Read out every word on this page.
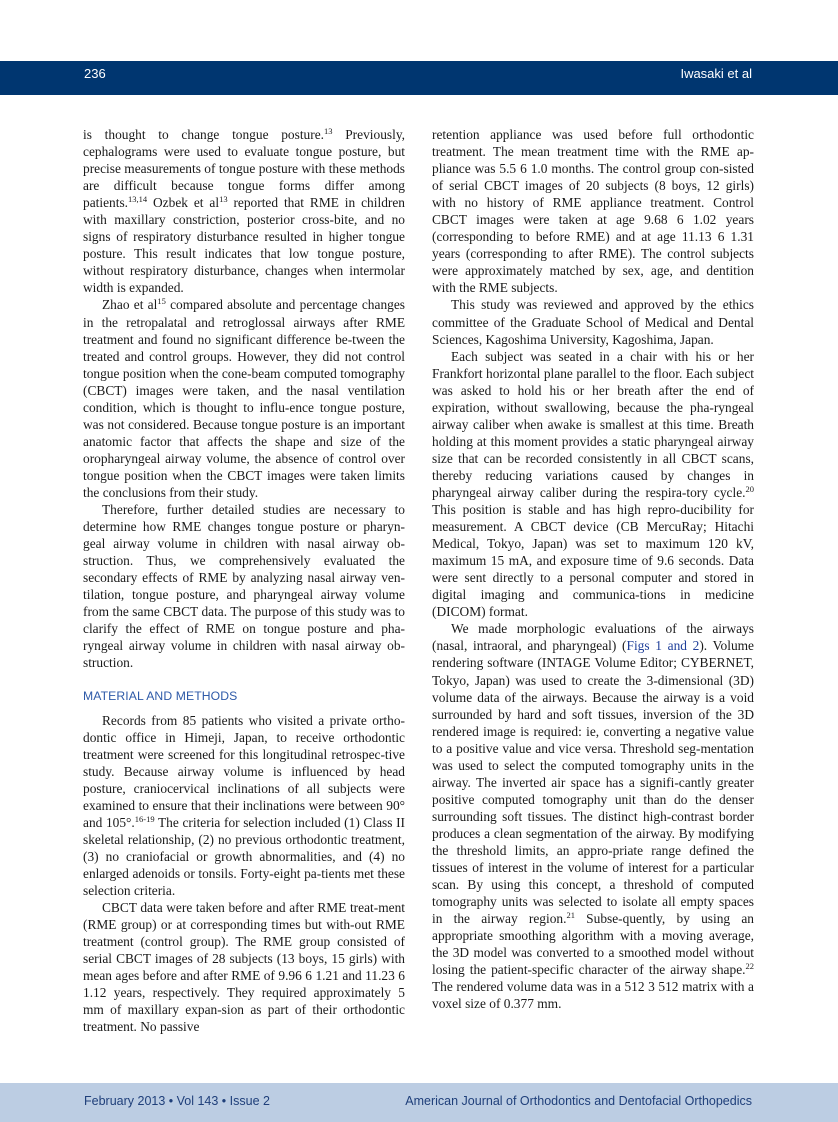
236	Iwasaki et al

is thought to change tongue posture.$^{13}$ Previously, cephalograms were used to evaluate tongue posture, but precise measurements of tongue posture with these methods are difficult because tongue forms differ among patients.$^{13,14}$ Ozbek et $al^{13}$ reported that RME in children with maxillary constriction, posterior cross-bite, and no signs of respiratory disturbance resulted in higher tongue posture. This result indicates that low tongue posture, without respiratory disturbance, changes when intermolar width is expanded.

Zhao et $al^{15}$ compared absolute and percentage changes in the retropalatal and retroglossal airways after RME treatment and found no significant difference be-tween the treated and control groups. However, they did not control tongue position when the cone-beam computed tomography (CBCT) images were taken, and the nasal ventilation condition, which is thought to influ-ence tongue posture, was not considered. Because tongue posture is an important anatomic factor that affects the shape and size of the oropharyngeal airway volume, the absence of control over tongue position when the CBCT images were taken limits the conclusions from their study.

Therefore, further detailed studies are necessary to determine how RME changes tongue posture or pharyn-geal airway volume in children with nasal airway ob-struction. Thus, we comprehensively evaluated the secondary effects of RME by analyzing nasal airway ven-tilation, tongue posture, and pharyngeal airway volume from the same CBCT data. The purpose of this study was to clarify the effect of RME on tongue posture and pha-ryngeal airway volume in children with nasal airway ob-struction.

MATERIAL AND METHODS

Records from 85 patients who visited a private ortho-dontic office in Himeji, Japan, to receive orthodontic treatment were screened for this longitudinal retrospec-tive study. Because airway volume is influenced by head posture, craniocervical inclinations of all subjects were examined to ensure that their inclinations were between 90° and 105°.$^{16-19}$ The criteria for selection included (1) Class II skeletal relationship, (2) no previous orthodontic treatment, (3) no craniofacial or growth abnormalities, and (4) no enlarged adenoids or tonsils. Forty-eight pa-tients met these selection criteria.

CBCT data were taken before and after RME treat-ment (RME group) or at corresponding times but with-out RME treatment (control group). The RME group consisted of serial CBCT images of 28 subjects (13 boys, 15 girls) with mean ages before and after RME of 9.96 6 1.21 and 11.23 6 1.12 years, respectively. They required approximately 5 mm of maxillary expan-sion as part of their orthodontic treatment. No passive

retention appliance was used before full orthodontic treatment. The mean treatment time with the RME ap-pliance was 5.5 6 1.0 months. The control group con-sisted of serial CBCT images of 20 subjects (8 boys, 12 girls) with no history of RME appliance treatment. Control CBCT images were taken at age 9.68 6 1.02 years (corresponding to before RME) and at age 11.13 6 1.31 years (corresponding to after RME). The control subjects were approximately matched by sex, age, and dentition with the RME subjects.

This study was reviewed and approved by the ethics committee of the Graduate School of Medical and Dental Sciences, Kagoshima University, Kagoshima, Japan.

Each subject was seated in a chair with his or her Frankfort horizontal plane parallel to the floor. Each subject was asked to hold his or her breath after the end of expiration, without swallowing, because the pha-ryngeal airway caliber when awake is smallest at this time. Breath holding at this moment provides a static pharyngeal airway size that can be recorded consistently in all CBCT scans, thereby reducing variations caused by changes in pharyngeal airway caliber during the respira-tory cycle.$^{20}$ This position is stable and has high repro-ducibility for measurement. A CBCT device (CB MercuRay; Hitachi Medical, Tokyo, Japan) was set to maximum 120 kV, maximum 15 mA, and exposure time of 9.6 seconds. Data were sent directly to a personal computer and stored in digital imaging and communica-tions in medicine (DICOM) format.

We made morphologic evaluations of the airways (nasal, intraoral, and pharyngeal) (Figs 1 and 2). Volume rendering software (INTAGE Volume Editor; CYBERNET, Tokyo, Japan) was used to create the 3-dimensional (3D) volume data of the airways. Because the airway is a void surrounded by hard and soft tissues, inversion of the 3D rendered image is required: ie, converting a negative value to a positive value and vice versa. Threshold seg-mentation was used to select the computed tomography units in the airway. The inverted air space has a signifi-cantly greater positive computed tomography unit than do the denser surrounding soft tissues. The distinct high-contrast border produces a clean segmentation of the airway. By modifying the threshold limits, an appro-priate range defined the tissues of interest in the volume of interest for a particular scan. By using this concept, a threshold of computed tomography units was selected to isolate all empty spaces in the airway region.$^{21}$ Subse-quently, by using an appropriate smoothing algorithm with a moving average, the 3D model was converted to a smoothed model without losing the patient-specific character of the airway shape.$^{22}$ The rendered volume data was in a 512 3 512 matrix with a voxel size of 0.377 mm.

February 2013 • Vol 143 • Issue 2	American Journal of Orthodontics and Dentofacial Orthopedics
